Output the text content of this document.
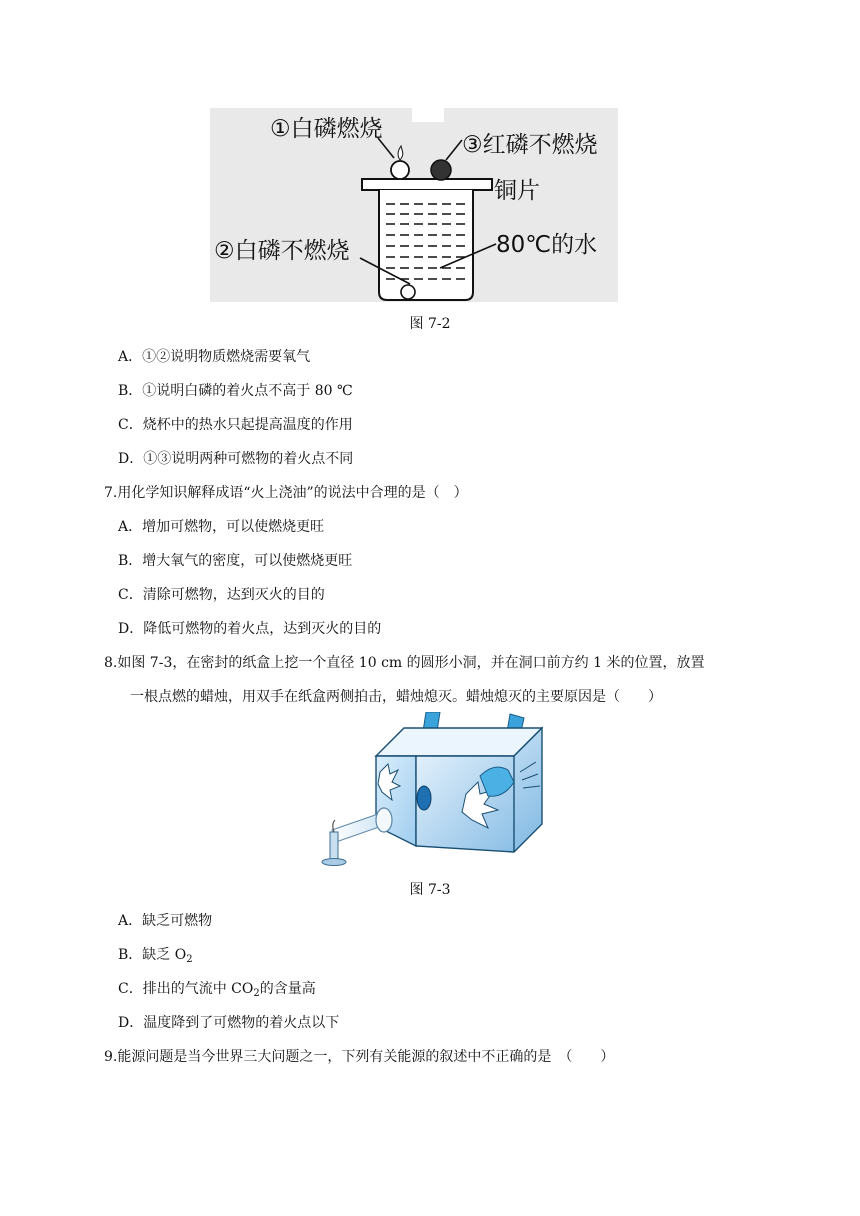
①白磷燃烧
③红磷不燃烧
铜片
②白磷不燃烧	80℃的水
图 7-2
A．①②说明物质燃烧需要氧气
B．①说明白磷的着火点不高于 80 ℃
C．烧杯中的热水只起提高温度的作用
D．①③说明两种可燃物的着火点不同
7.用化学知识解释成语“火上浇油”的说法中合理的是（　）
A．增加可燃物，可以使燃烧更旺
B．增大氧气的密度，可以使燃烧更旺
C．清除可燃物，达到灭火的目的
D．降低可燃物的着火点，达到灭火的目的
8.如图 7-3，在密封的纸盒上挖一个直径 10 cm 的圆形小洞，并在洞口前方约 1 米的位置，放置
一根点燃的蜡烛，用双手在纸盒两侧拍击，蜡烛熄灭。蜡烛熄灭的主要原因是（　　）
图 7-3
A．缺乏可燃物
B．缺乏 $O_2$
C．排出的气流中 $CO_2$的含量高
D．温度降到了可燃物的着火点以下
9.能源问题是当今世界三大问题之一，下列有关能源的叙述中不正确的是　（　　）
